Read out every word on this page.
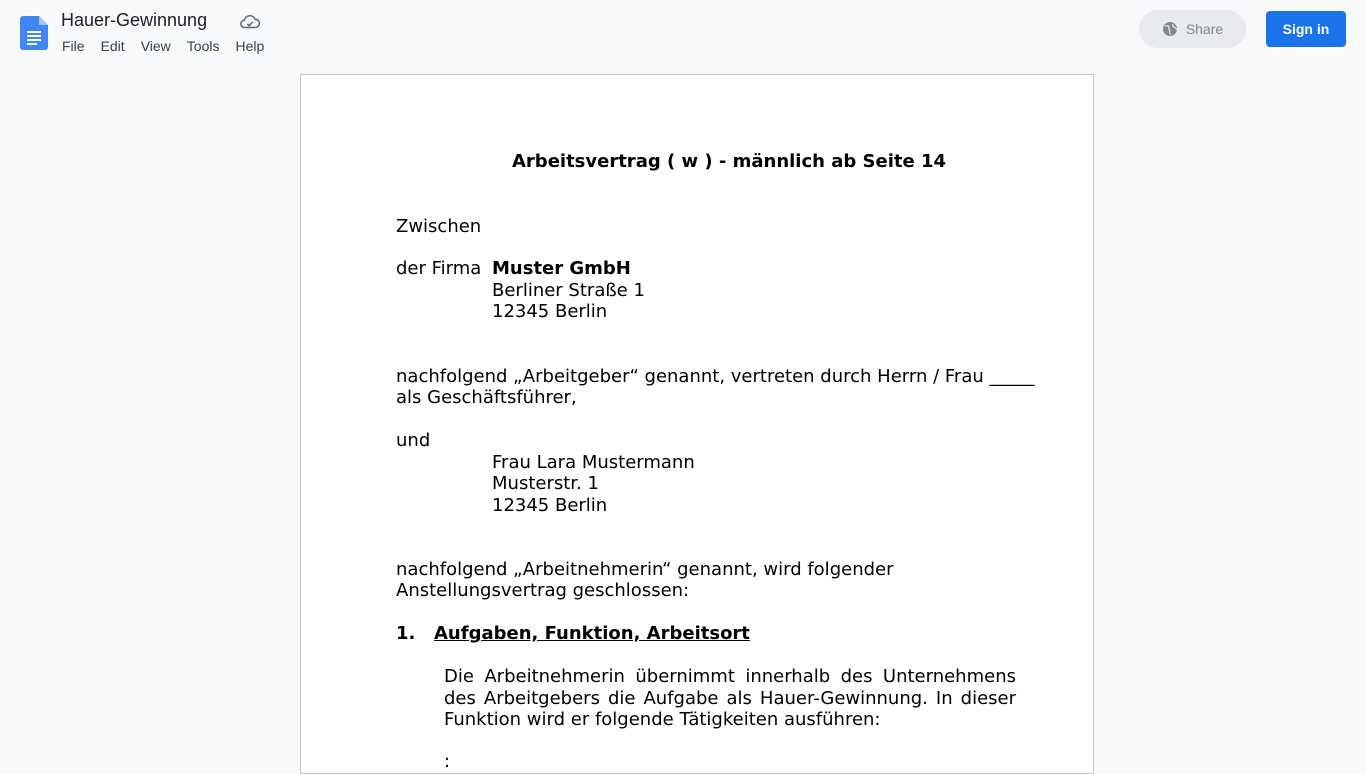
Hauer-Gewinnung
File Edit View Tools Help
Share	Sign in
Arbeitsvertrag ( w ) - männlich ab Seite 14
Zwischen
der Firma Muster GmbH
Berliner Straße 1
12345 Berlin
nachfolgend „Arbeitgeber“ genannt, vertreten durch Herrn / Frau _____
als Geschäftsführer,
und
Frau Lara Mustermann
Musterstr. 1
12345 Berlin
nachfolgend „Arbeitnehmerin“ genannt, wird folgender
Anstellungsvertrag geschlossen:
1. Aufgaben, Funktion, Arbeitsort
Die Arbeitnehmerin übernimmt innerhalb des Unternehmens des Arbeitgebers die Aufgabe als Hauer-Gewinnung. In dieser Funktion wird er folgende Tätigkeiten ausführen:
:
